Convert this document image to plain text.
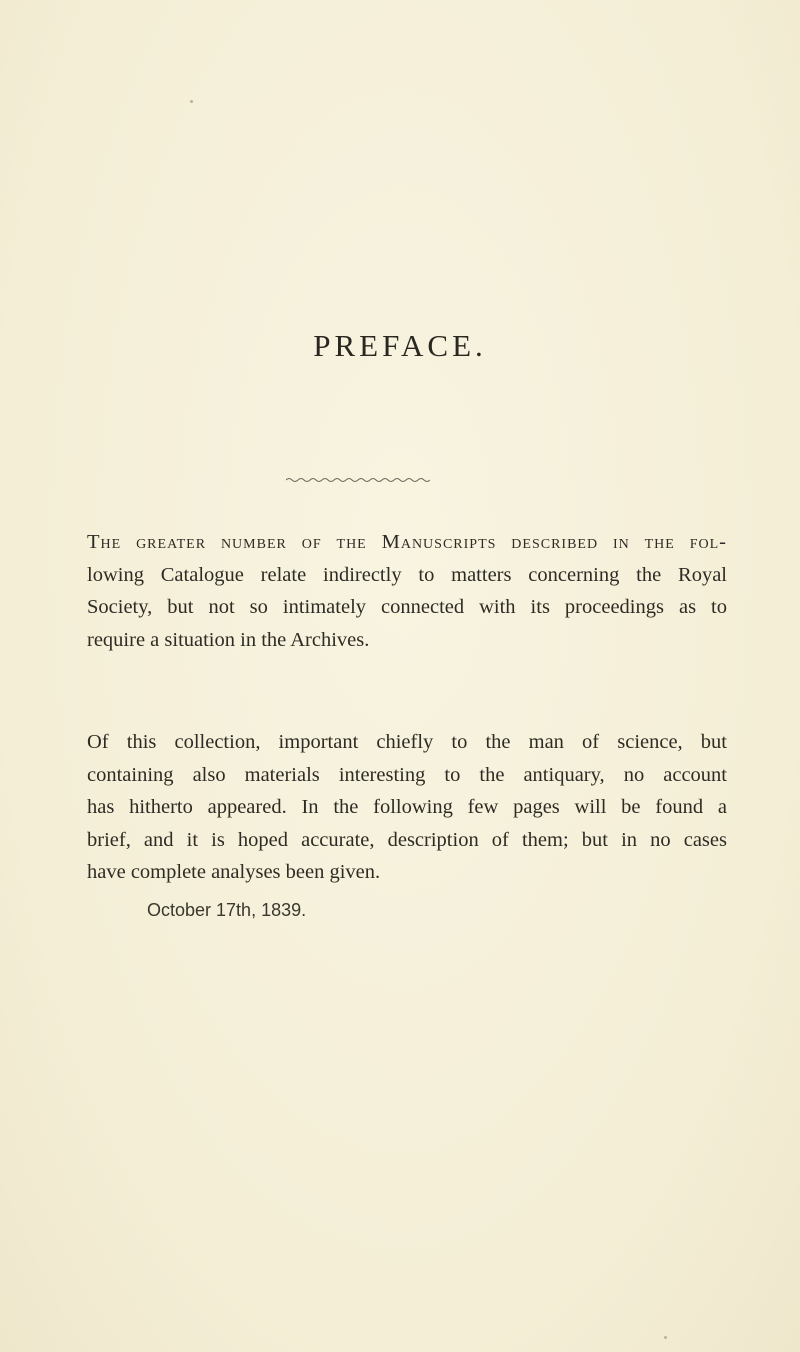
PREFACE.
The greater number of the Manuscripts described in the fol-
lowing Catalogue relate indirectly to matters concerning the Royal
Society, but not so intimately connected with its proceedings as to
require a situation in the Archives.
Of this collection, important chiefly to the man of science, but
containing also materials interesting to the antiquary, no account
has hitherto appeared. In the following few pages will be found a
brief, and it is hoped accurate, description of them; but in no cases
have complete analyses been given.

October 17th, 1839.
